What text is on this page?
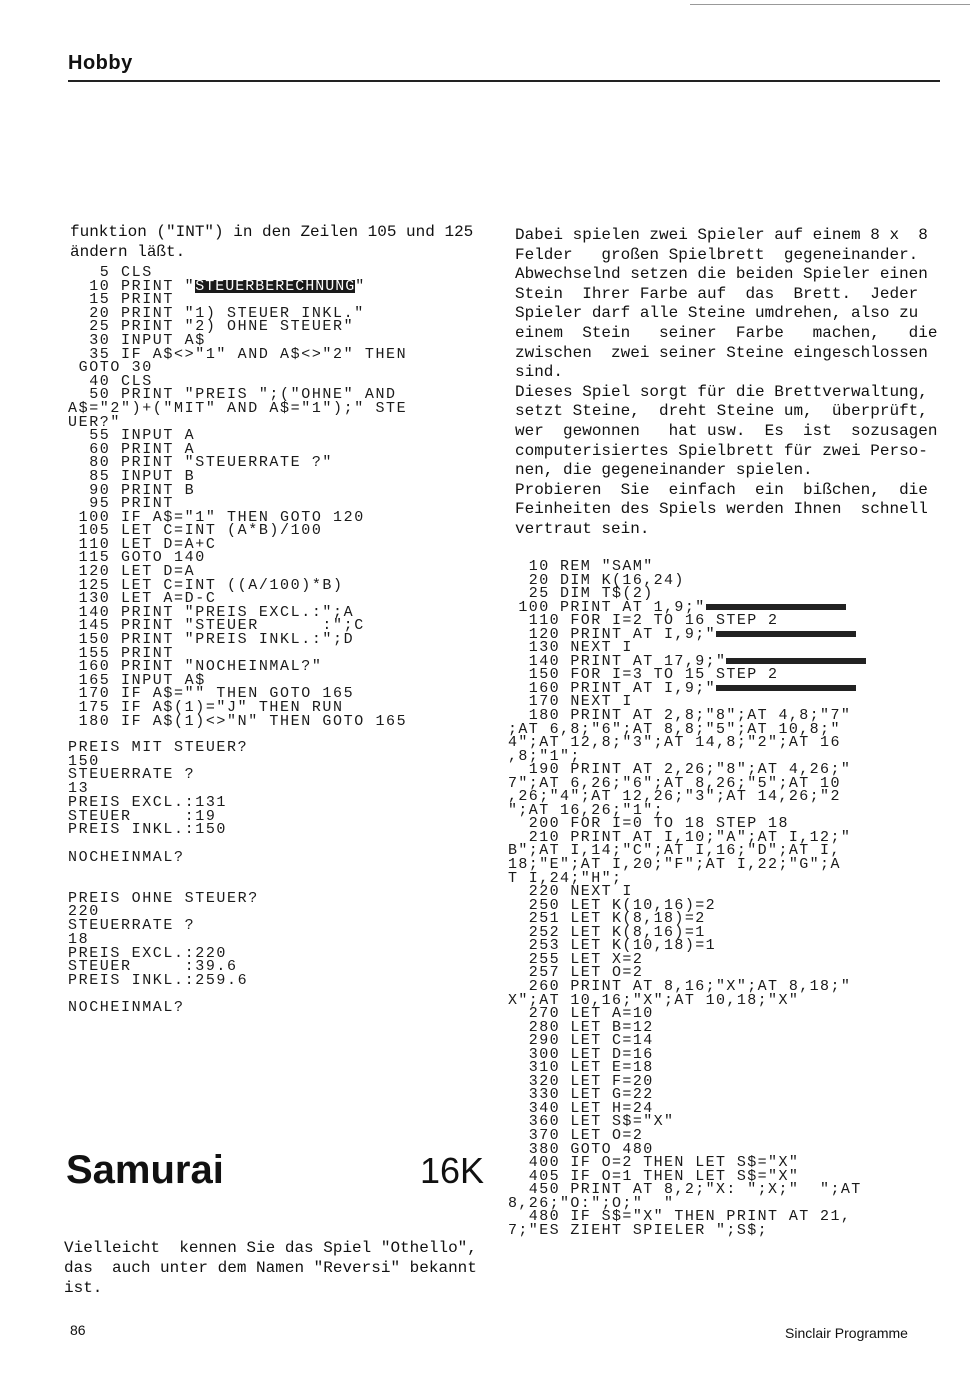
Hobby
funktion ("INT") in den Zeilen 105 und 125
ändern läßt.
5 CLS
10 PRINT "STEUERBERECHNUNG"
15 PRINT
20 PRINT "1) STEUER INKL."
25 PRINT "2) OHNE STEUER"
30 INPUT A$
35 IF A$<>"1" AND A$<>"2" THEN
GOTO 30
40 CLS
50 PRINT "PREIS ";("OHNE" AND
A$="2")+("MIT" AND A$="1");" STE
UER?"
55 INPUT A
60 PRINT A
80 PRINT "STEUERRATE ?"
85 INPUT B
90 PRINT B
95 PRINT
100 IF A$="1" THEN GOTO 120
105 LET C=INT (A*B)/100
110 LET D=A+C
115 GOTO 140
120 LET D=A
125 LET C=INT ((A/100)*B)
130 LET A=D-C
140 PRINT "PREIS EXCL.:";A
145 PRINT "STEUER      :";C
150 PRINT "PREIS INKL.:";D
155 PRINT
160 PRINT "NOCHEINMAL?"
165 INPUT A$
170 IF A$="" THEN GOTO 165
175 IF A$(1)="J" THEN RUN
180 IF A$(1)<>"N" THEN GOTO 165
PREIS MIT STEUER?
150
STEUERRATE ?
13
PREIS EXCL.:131
STEUER     :19
PREIS INKL.:150

NOCHEINMAL?

PREIS OHNE STEUER?
220
STEUERRATE ?
18
PREIS EXCL.:220
STEUER     :39.6
PREIS INKL.:259.6

NOCHEINMAL?
Samurai	16K
Vielleicht  kennen Sie das Spiel "Othello",
das  auch unter dem Namen "Reversi" bekannt
ist.
Dabei spielen zwei Spieler auf einem 8 x  8
Felder   großen Spielbrett  gegeneinander.
Abwechselnd setzen die beiden Spieler einen
Stein  Ihrer Farbe auf  das  Brett.  Jeder
Spieler darf alle Steine umdrehen, also zu
einem  Stein   seiner  Farbe   machen,   die
zwischen  zwei seiner Steine eingeschlossen
sind.
Dieses Spiel sorgt für die Brettverwaltung,
setzt Steine,  dreht Steine um,  überprüft,
wer  gewonnen   hat usw.  Es  ist  sozusagen
computerisiertes Spielbrett für zwei Perso-
nen, die gegeneinander spielen.
Probieren  Sie  einfach  ein  bißchen,  die
Feinheiten des Spiels werden Ihnen  schnell
vertraut sein.
10 REM "SAM"
20 DIM K(16,24)
25 DIM T$(2)
100 PRINT AT 1,9;"
110 FOR I=2 TO 16 STEP 2
120 PRINT AT I,9;"
130 NEXT I
140 PRINT AT 17,9;"
150 FOR I=3 TO 15 STEP 2
160 PRINT AT I,9;"
170 NEXT I
180 PRINT AT 2,8;"8";AT 4,8;"7"
;AT 6,8;"6";AT 8,8;"5";AT 10,8;"
4";AT 12,8;"3";AT 14,8;"2";AT 16
,8;"1";
190 PRINT AT 2,26;"8";AT 4,26;"
7";AT 6,26;"6";AT 8,26;"5";AT 10
,26;"4";AT 12,26;"3";AT 14,26;"2
";AT 16,26;"1";
200 FOR I=0 TO 18 STEP 18
210 PRINT AT I,10;"A";AT I,12;"
B";AT I,14;"C";AT I,16;"D";AT I,
18;"E";AT I,20;"F";AT I,22;"G";A
T I,24;"H";
220 NEXT I
250 LET K(10,16)=2
251 LET K(8,18)=2
252 LET K(8,16)=1
253 LET K(10,18)=1
255 LET X=2
257 LET O=2
260 PRINT AT 8,16;"X";AT 8,18;"
X";AT 10,16;"X";AT 10,18;"X"
270 LET A=10
280 LET B=12
290 LET C=14
300 LET D=16
310 LET E=18
320 LET F=20
330 LET G=22
340 LET H=24
360 LET S$="X"
370 LET O=2
380 GOTO 480
400 IF O=2 THEN LET S$="X"
405 IF O=1 THEN LET S$="X"
450 PRINT AT 8,2;"X: ";X;"  ";AT
8,26;"O:";O;"  "
480 IF S$="X" THEN PRINT AT 21,
7;"ES ZIEHT SPIELER ";S$;
86	Sinclair Programme
